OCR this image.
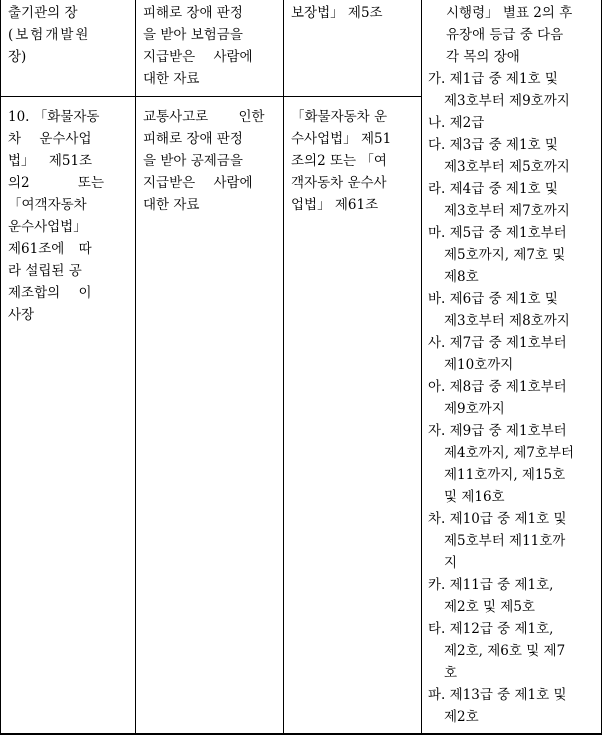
출기관의 장
(보험개발원
장)
피해로 장애 판정
을 받아 보험금을
지급받은 사람에
대한 자료
보장법」 제5조
10. 「화물자동
차 운수사업
법」 제51조
의2 또는
「여객자동차
운수사업법」
제61조에 따
라 설립된 공
제조합의 이
사장
교통사고로 인한
피해로 장애 판정
을 받아 공제금을
지급받은 사람에
대한 자료
「화물자동차 운
수사업법」 제51
조의2 또는 「여
객자동차 운수사
업법」 제61조
시행령」 별표 2의 후
유장애 등급 중 다음
각 목의 장애
가. 제1급 중 제1호 및
제3호부터 제9호까지
나. 제2급
다. 제3급 중 제1호 및
제3호부터 제5호까지
라. 제4급 중 제1호 및
제3호부터 제7호까지
마. 제5급 중 제1호부터
제5호까지, 제7호 및
제8호
바. 제6급 중 제1호 및
제3호부터 제8호까지
사. 제7급 중 제1호부터
제10호까지
아. 제8급 중 제1호부터
제9호까지
자. 제9급 중 제1호부터
제4호까지, 제7호부터
제11호까지, 제15호
및 제16호
차. 제10급 중 제1호 및
제5호부터 제11호까
지
카. 제11급 중 제1호,
제2호 및 제5호
타. 제12급 중 제1호,
제2호, 제6호 및 제7
호
파. 제13급 중 제1호 및
제2호
